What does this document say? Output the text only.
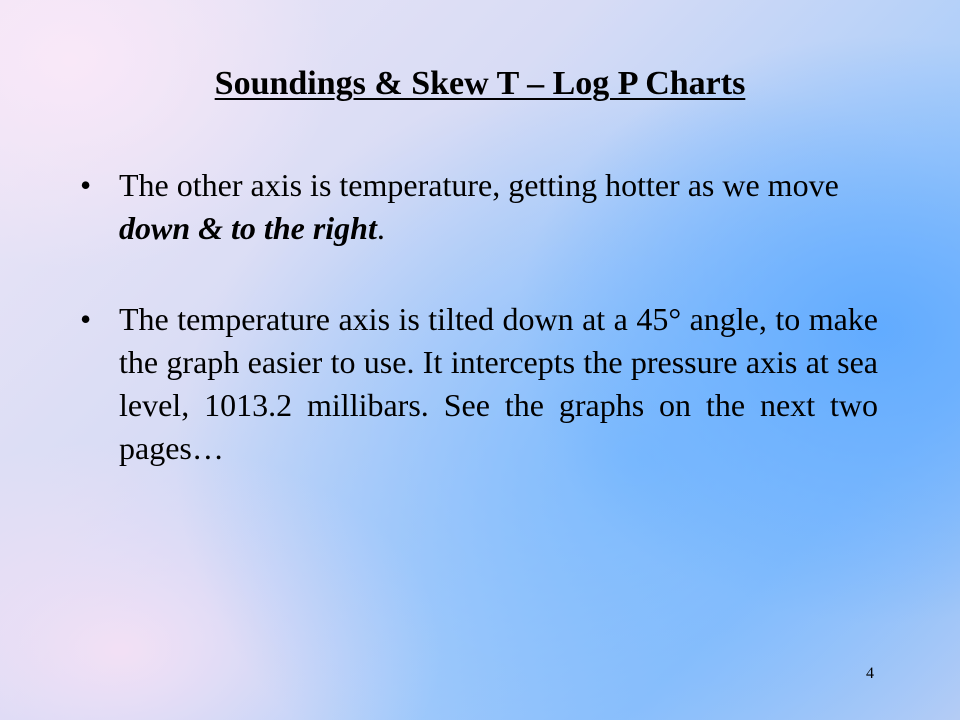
Soundings & Skew T – Log P Charts
• The other axis is temperature, getting hotter as we move down & to the right.
• The temperature axis is tilted down at a 45° angle, to make the graph easier to use. It intercepts the pressure axis at sea level, 1013.2 millibars. See the graphs on the next two pages…
4
